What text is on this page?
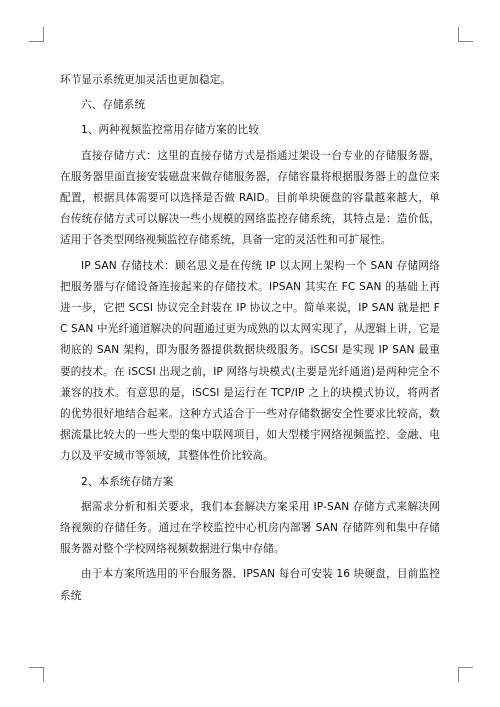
环节显示系统更加灵活也更加稳定。

六、存储系统

1、两种视频监控常用存储方案的比较

直接存储方式：这里的直接存储方式是指通过架设一台专业的存储服务器，在服务器里面直接安装磁盘来做存储服务器，存储容量将根据服务器上的盘位来配置，根据具体需要可以选择是否做 RAID。目前单块硬盘的容量越来越大，单台传统存储方式可以解决一些小规模的网络监控存储系统，其特点是：造价低，适用于各类型网络视频监控存储系统，具备一定的灵活性和可扩展性。

IP SAN 存储技术：顾名思义是在传统 IP 以太网上架构一个 SAN 存储网络把服务器与存储设备连接起来的存储技术。IPSAN 其实在 FC SAN 的基础上再进一步，它把 SCSI 协议完全封装在 IP 协议之中。简单来说，IP SAN 就是把 FC SAN 中光纤通道解决的问题通过更为成熟的以太网实现了，从逻辑上讲，它是彻底的 SAN 架构，即为服务器提供数据块级服务。iSCSI 是实现 IP SAN 最重要的技术。在 iSCSI 出现之前，IP 网络与块模式(主要是光纤通道)是两种完全不兼容的技术。有意思的是，iSCSI 是运行在 TCP/IP 之上的块模式协议，将两者的优势很好地结合起来。这种方式适合于一些对存储数据安全性要求比较高，数据流量比较大的一些大型的集中联网项目，如大型楼宇网络视频监控、金融、电力以及平安城市等领域，其整体性价比较高。

2、本系统存储方案

据需求分析和相关要求，我们本套解决方案采用 IP-SAN 存储方式来解决网络视频的存储任务。通过在学校监控中心机房内部署 SAN 存储阵列和集中存储服务器对整个学校网络视频数据进行集中存储。

由于本方案所选用的平台服务器、IPSAN 每台可安装 16 块硬盘，目前监控系统
